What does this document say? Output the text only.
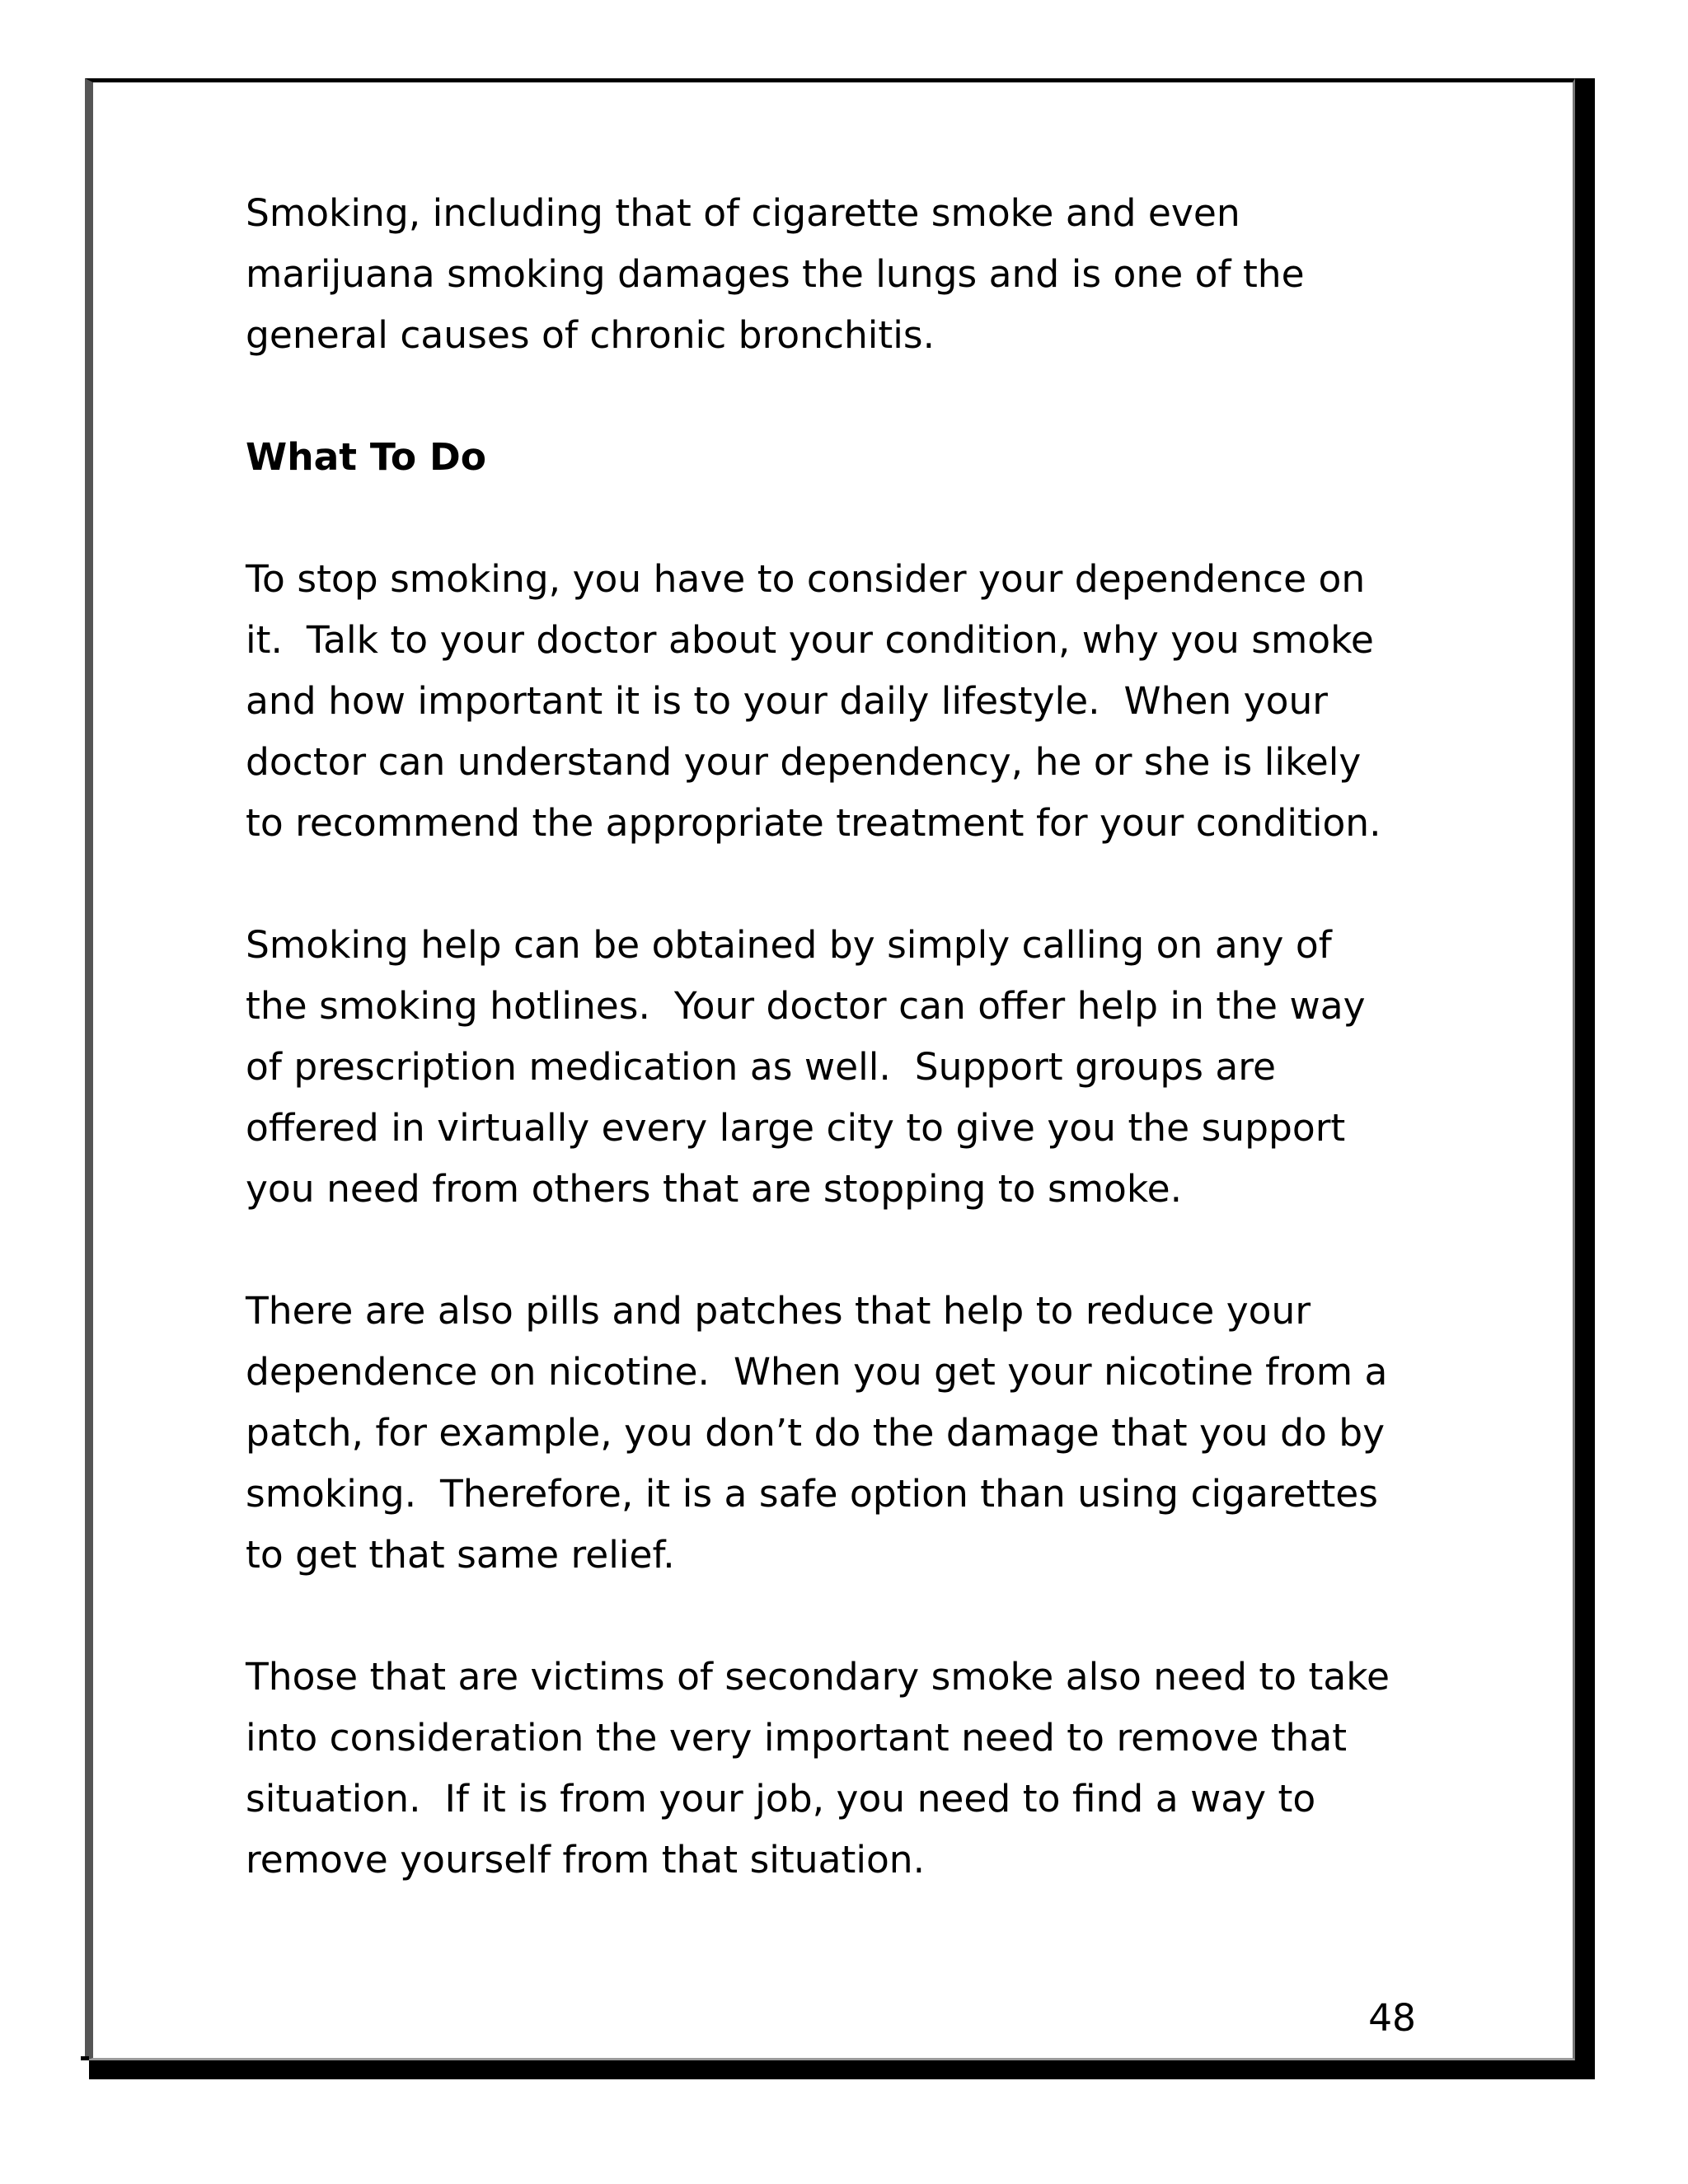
Smoking, including that of cigarette smoke and even
marijuana smoking damages the lungs and is one of the
general causes of chronic bronchitis.

What To Do

To stop smoking, you have to consider your dependence on
it.  Talk to your doctor about your condition, why you smoke
and how important it is to your daily lifestyle.  When your
doctor can understand your dependency, he or she is likely
to recommend the appropriate treatment for your condition.

Smoking help can be obtained by simply calling on any of
the smoking hotlines.  Your doctor can offer help in the way
of prescription medication as well.  Support groups are
offered in virtually every large city to give you the support
you need from others that are stopping to smoke.

There are also pills and patches that help to reduce your
dependence on nicotine.  When you get your nicotine from a
patch, for example, you don’t do the damage that you do by
smoking.  Therefore, it is a safe option than using cigarettes
to get that same relief.

Those that are victims of secondary smoke also need to take
into consideration the very important need to remove that
situation.  If it is from your job, you need to find a way to
remove yourself from that situation.

48
